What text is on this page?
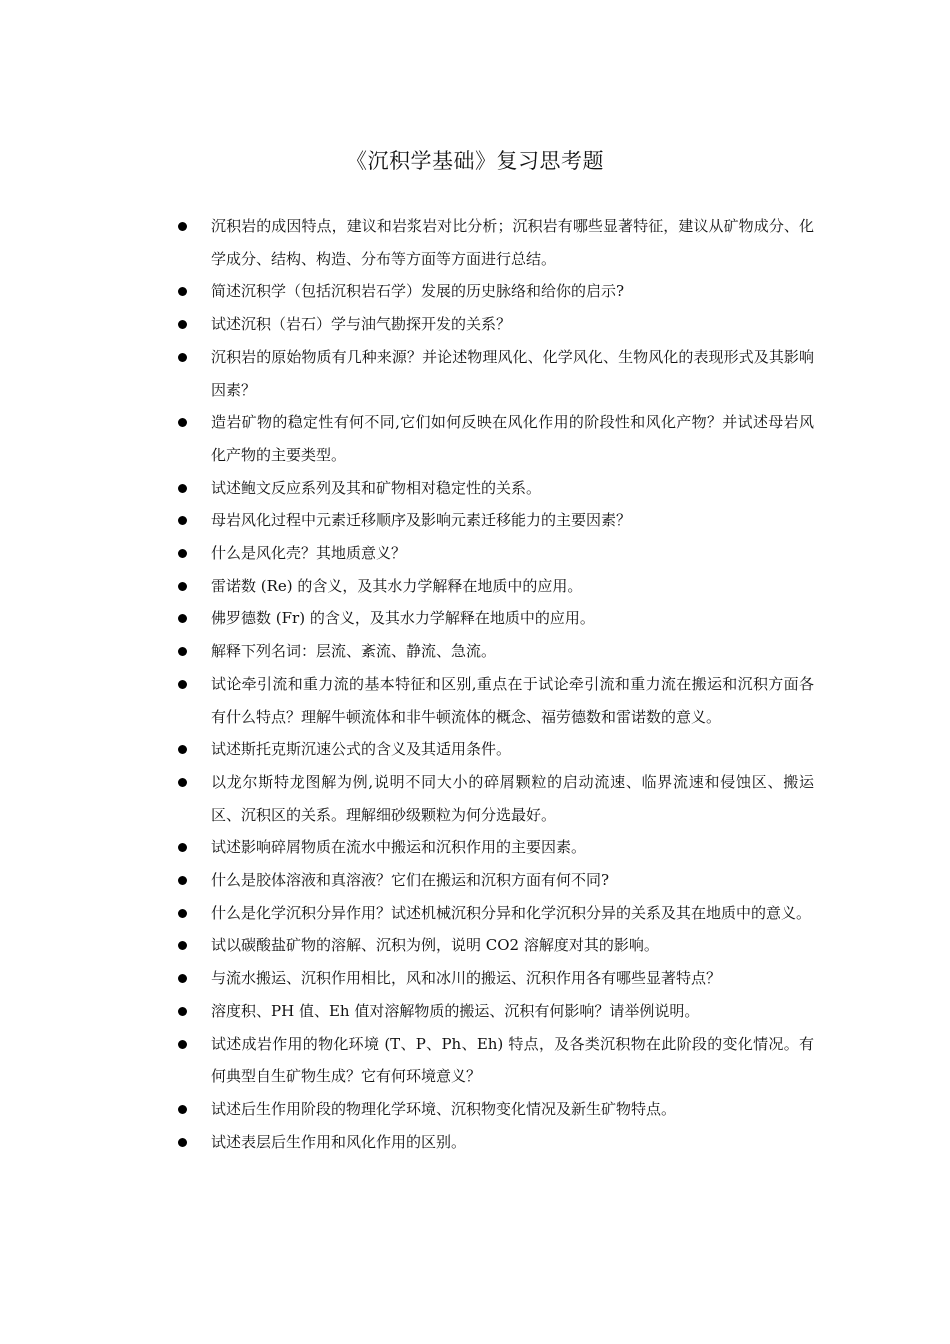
《沉积学基础》复习思考题
沉积岩的成因特点，建议和岩浆岩对比分析；沉积岩有哪些显著特征，建议从矿物成分、化学成分、结构、构造、分布等方面等方面进行总结。
简述沉积学（包括沉积岩石学）发展的历史脉络和给你的启示?
试述沉积（岩石）学与油气勘探开发的关系？
沉积岩的原始物质有几种来源？并论述物理风化、化学风化、生物风化的表现形式及其影响因素？
造岩矿物的稳定性有何不同,它们如何反映在风化作用的阶段性和风化产物？并试述母岩风化产物的主要类型。
试述鲍文反应系列及其和矿物相对稳定性的关系。
母岩风化过程中元素迁移顺序及影响元素迁移能力的主要因素？
什么是风化壳？其地质意义？
雷诺数 (Re) 的含义，及其水力学解释在地质中的应用。
佛罗德数 (Fr) 的含义，及其水力学解释在地质中的应用。
解释下列名词：层流、紊流、静流、急流。
试论牵引流和重力流的基本特征和区别,重点在于试论牵引流和重力流在搬运和沉积方面各有什么特点？理解牛顿流体和非牛顿流体的概念、福劳德数和雷诺数的意义。
试述斯托克斯沉速公式的含义及其适用条件。
以龙尔斯特龙图解为例,说明不同大小的碎屑颗粒的启动流速、临界流速和侵蚀区、搬运区、沉积区的关系。理解细砂级颗粒为何分选最好。
试述影响碎屑物质在流水中搬运和沉积作用的主要因素。
什么是胶体溶液和真溶液？它们在搬运和沉积方面有何不同?
什么是化学沉积分异作用？试述机械沉积分异和化学沉积分异的关系及其在地质中的意义。
试以碳酸盐矿物的溶解、沉积为例，说明 CO2 溶解度对其的影响。
与流水搬运、沉积作用相比，风和冰川的搬运、沉积作用各有哪些显著特点？
溶度积、PH 值、Eh 值对溶解物质的搬运、沉积有何影响？请举例说明。
试述成岩作用的物化环境 (T、P、Ph、Eh) 特点，及各类沉积物在此阶段的变化情况。有何典型自生矿物生成？它有何环境意义？
试述后生作用阶段的物理化学环境、沉积物变化情况及新生矿物特点。
试述表层后生作用和风化作用的区别。
